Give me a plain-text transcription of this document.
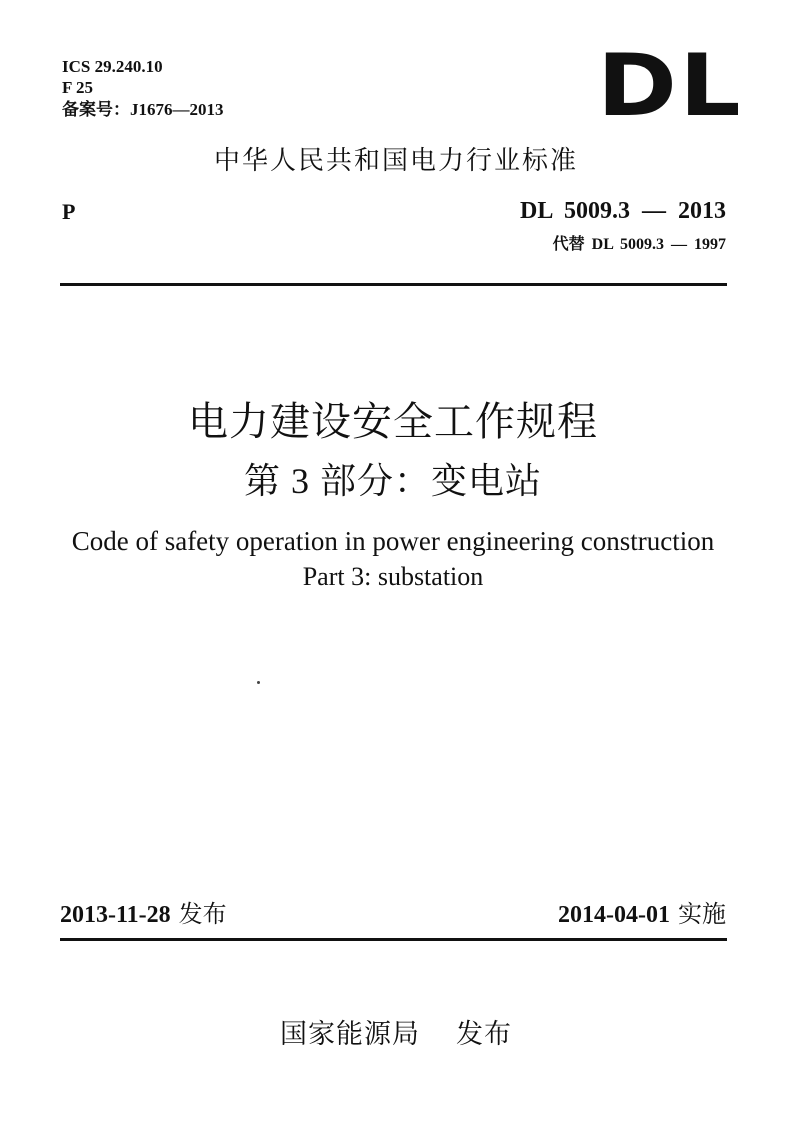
ICS 29.240.10
F 25
备案号：J1676—2013	DL
中华人民共和国电力行业标准
P	DL 5009.3 — 2013
代替 DL 5009.3 — 1997
电力建设安全工作规程
第 3 部分：变电站
Code of safety operation in power engineering construction
Part 3: substation
2013-11-28 发布	2014-04-01 实施
国家能源局 发布
